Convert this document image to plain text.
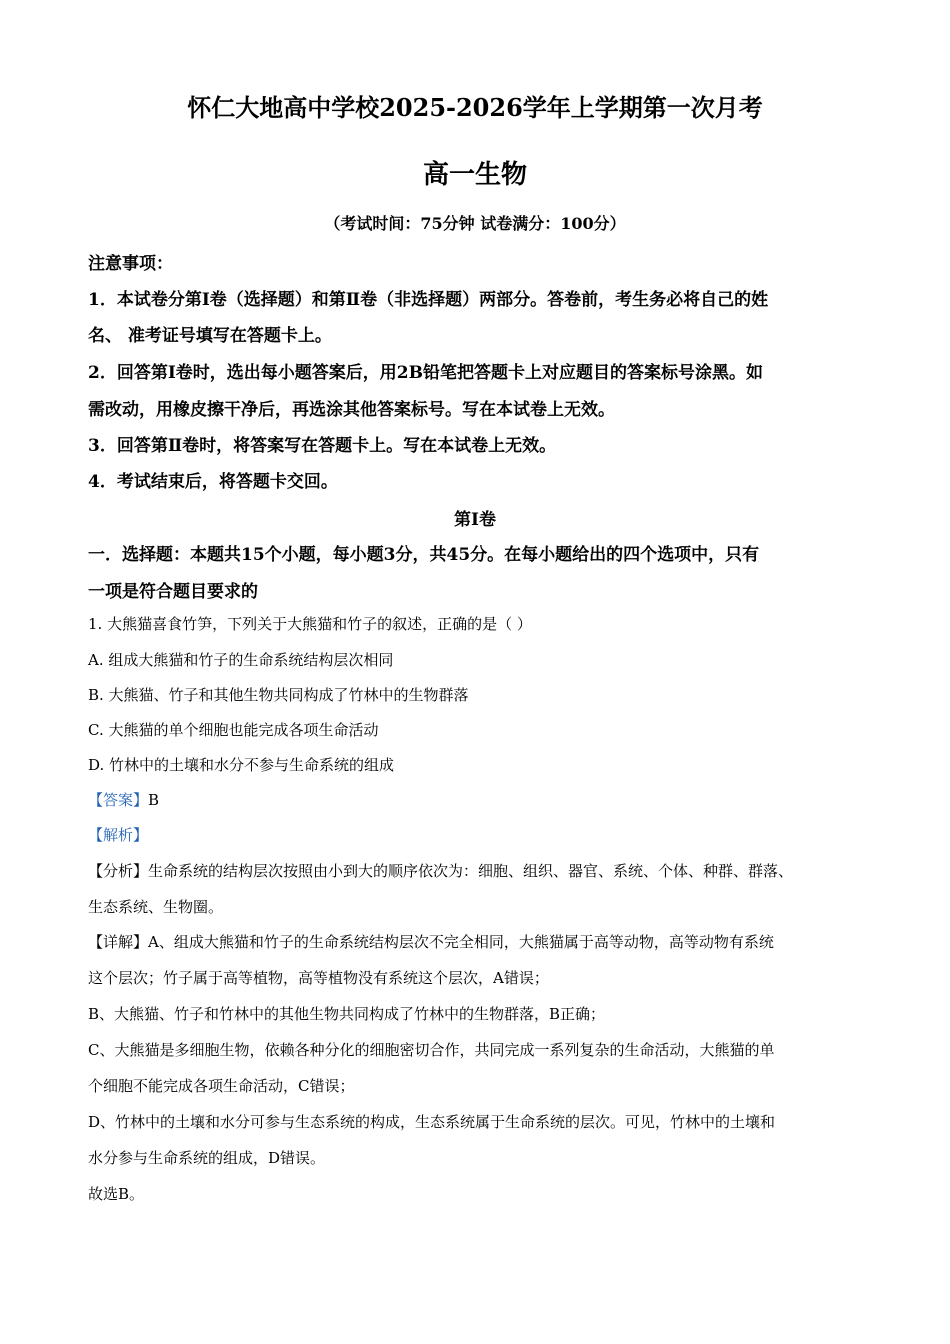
怀仁大地高中学校2025-2026学年上学期第一次月考
高一生物
（考试时间：75分钟 试卷满分：100分）
注意事项：
1．本试卷分第Ⅰ卷（选择题）和第Ⅱ卷（非选择题）两部分。答卷前，考生务必将自己的姓
名、 准考证号填写在答题卡上。
2．回答第Ⅰ卷时，选出每小题答案后，用2B铅笔把答题卡上对应题目的答案标号涂黑。如
需改动，用橡皮擦干净后，再选涂其他答案标号。写在本试卷上无效。
3．回答第Ⅱ卷时，将答案写在答题卡上。写在本试卷上无效。
4．考试结束后，将答题卡交回。
第Ⅰ卷
一．选择题：本题共15个小题，每小题3分，共45分。在每小题给出的四个选项中，只有
一项是符合题目要求的
1. 大熊猫喜食竹笋，下列关于大熊猫和竹子的叙述，正确的是（ ）
A. 组成大熊猫和竹子的生命系统结构层次相同
B. 大熊猫、竹子和其他生物共同构成了竹林中的生物群落
C. 大熊猫的单个细胞也能完成各项生命活动
D. 竹林中的土壤和水分不参与生命系统的组成
【答案】B
【解析】
【分析】生命系统的结构层次按照由小到大的顺序依次为：细胞、组织、器官、系统、个体、种群、群落、
生态系统、生物圈。
【详解】A、组成大熊猫和竹子的生命系统结构层次不完全相同，大熊猫属于高等动物，高等动物有系统
这个层次；竹子属于高等植物，高等植物没有系统这个层次，A错误；
B、大熊猫、竹子和竹林中的其他生物共同构成了竹林中的生物群落，B正确；
C、大熊猫是多细胞生物，依赖各种分化的细胞密切合作，共同完成一系列复杂的生命活动，大熊猫的单
个细胞不能完成各项生命活动，C错误；
D、竹林中的土壤和水分可参与生态系统的构成，生态系统属于生命系统的层次。可见，竹林中的土壤和
水分参与生命系统的组成，D错误。
故选B。
